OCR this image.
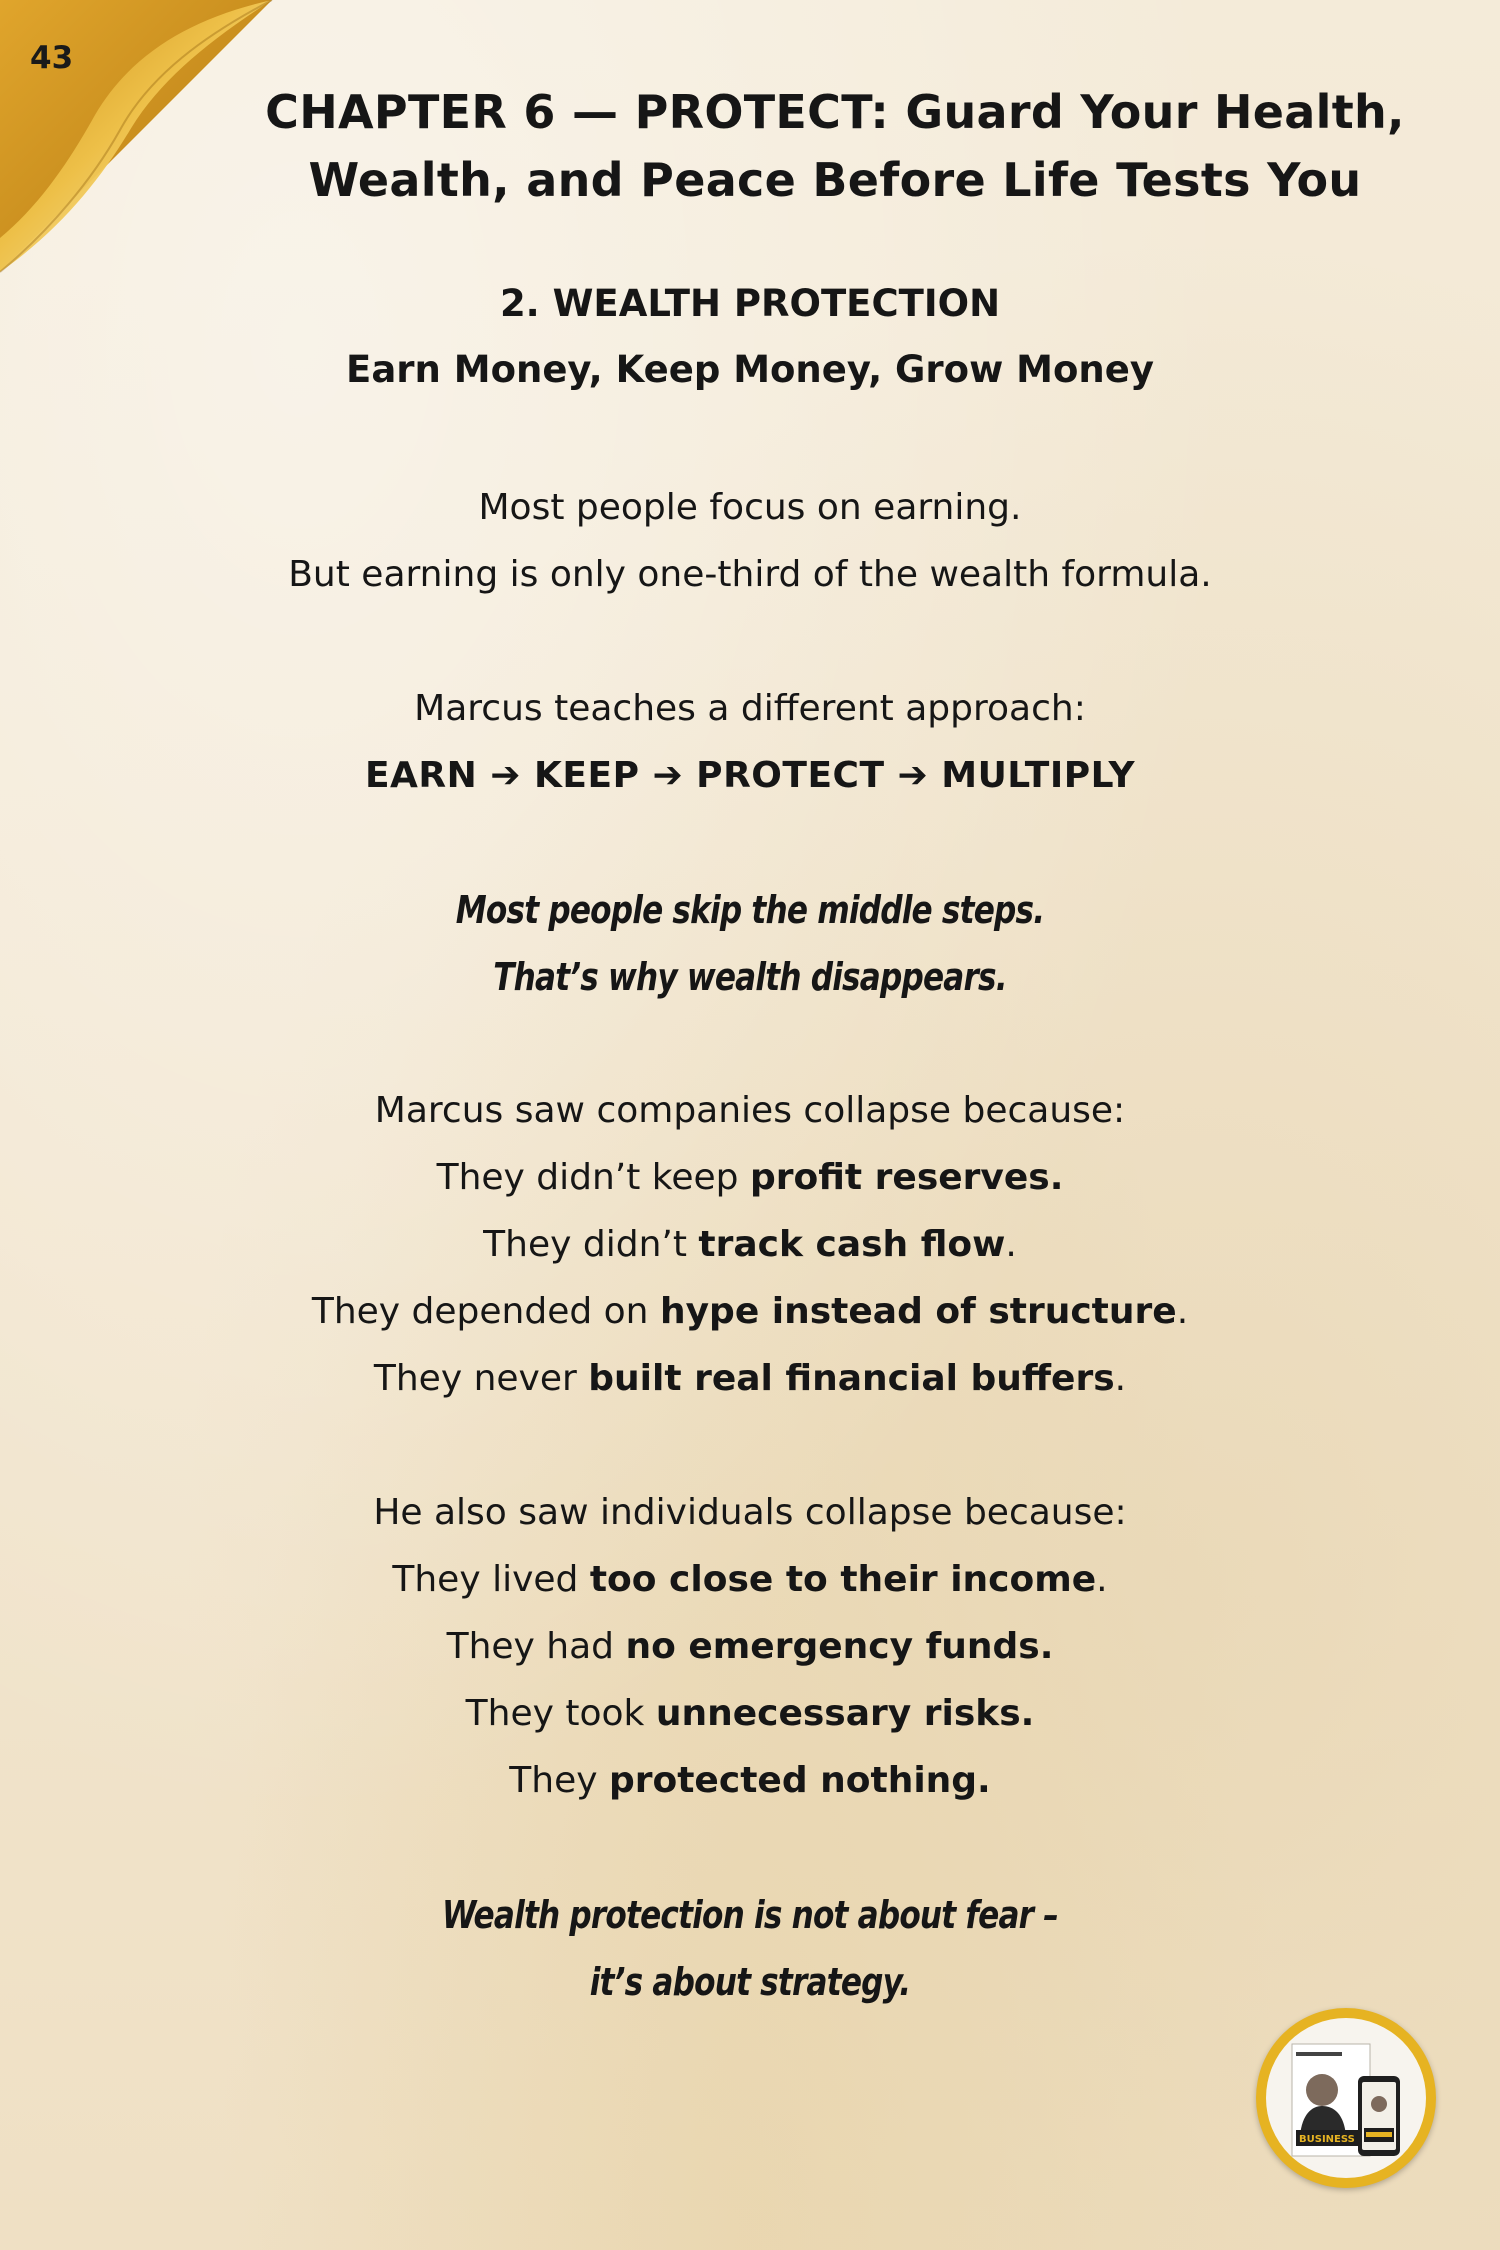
43
CHAPTER 6 — PROTECT: Guard Your Health,
Wealth, and Peace Before Life Tests You
2. WEALTH PROTECTION
Earn Money, Keep Money, Grow Money
Most people focus on earning.
But earning is only one-third of the wealth formula.
Marcus teaches a different approach:
EARN ➔ KEEP ➔ PROTECT ➔ MULTIPLY
Most people skip the middle steps.
That’s why wealth disappears.
Marcus saw companies collapse because:
They didn’t keep profit reserves.
They didn’t track cash flow.
They depended on hype instead of structure.
They never built real financial buffers.
He also saw individuals collapse because:
They lived too close to their income.
They had no emergency funds.
They took unnecessary risks.
They protected nothing.
Wealth protection is not about fear –
it’s about strategy.
BUSINESS
